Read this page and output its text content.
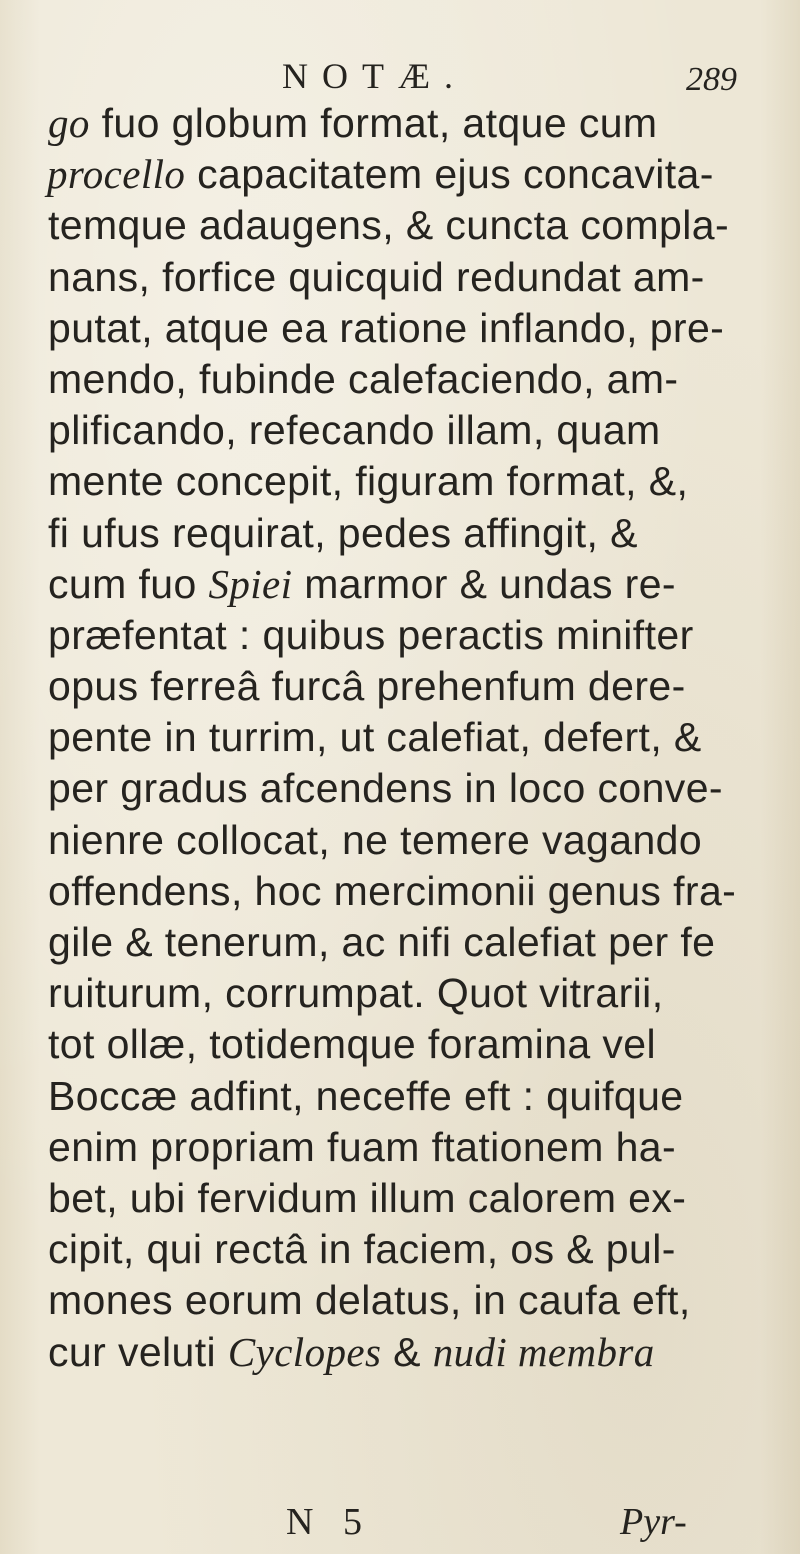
NOTÆ.	289
go fuo globum format, atque cum
procello capacitatem ejus concavita-
temque adaugens, & cuncta compla-
nans, forfice quicquid redundat am-
putat, atque ea ratione inflando, pre-
mendo, fubinde calefaciendo, am-
plificando, refecando illam, quam
mente concepit, figuram format, &,
fi ufus requirat, pedes affingit, &
cum fuo Spiei marmor & undas re-
præfentat : quibus peractis minifter
opus ferreâ furcâ prehenfum dere-
pente in turrim, ut calefiat, defert, &
per gradus afcendens in loco conve-
nienre collocat, ne temere vagando
offendens, hoc mercimonii genus fra-
gile & tenerum, ac nifi calefiat per fe
ruiturum, corrumpat. Quot vitrarii,
tot ollæ, totidemque foramina vel
Boccæ adfint, neceffe eft : quifque
enim propriam fuam ftationem ha-
bet, ubi fervidum illum calorem ex-
cipit, qui rectâ in faciem, os & pul-
mones eorum delatus, in caufa eft,
cur veluti Cyclopes & nudi membra
N 5	Pyr-
